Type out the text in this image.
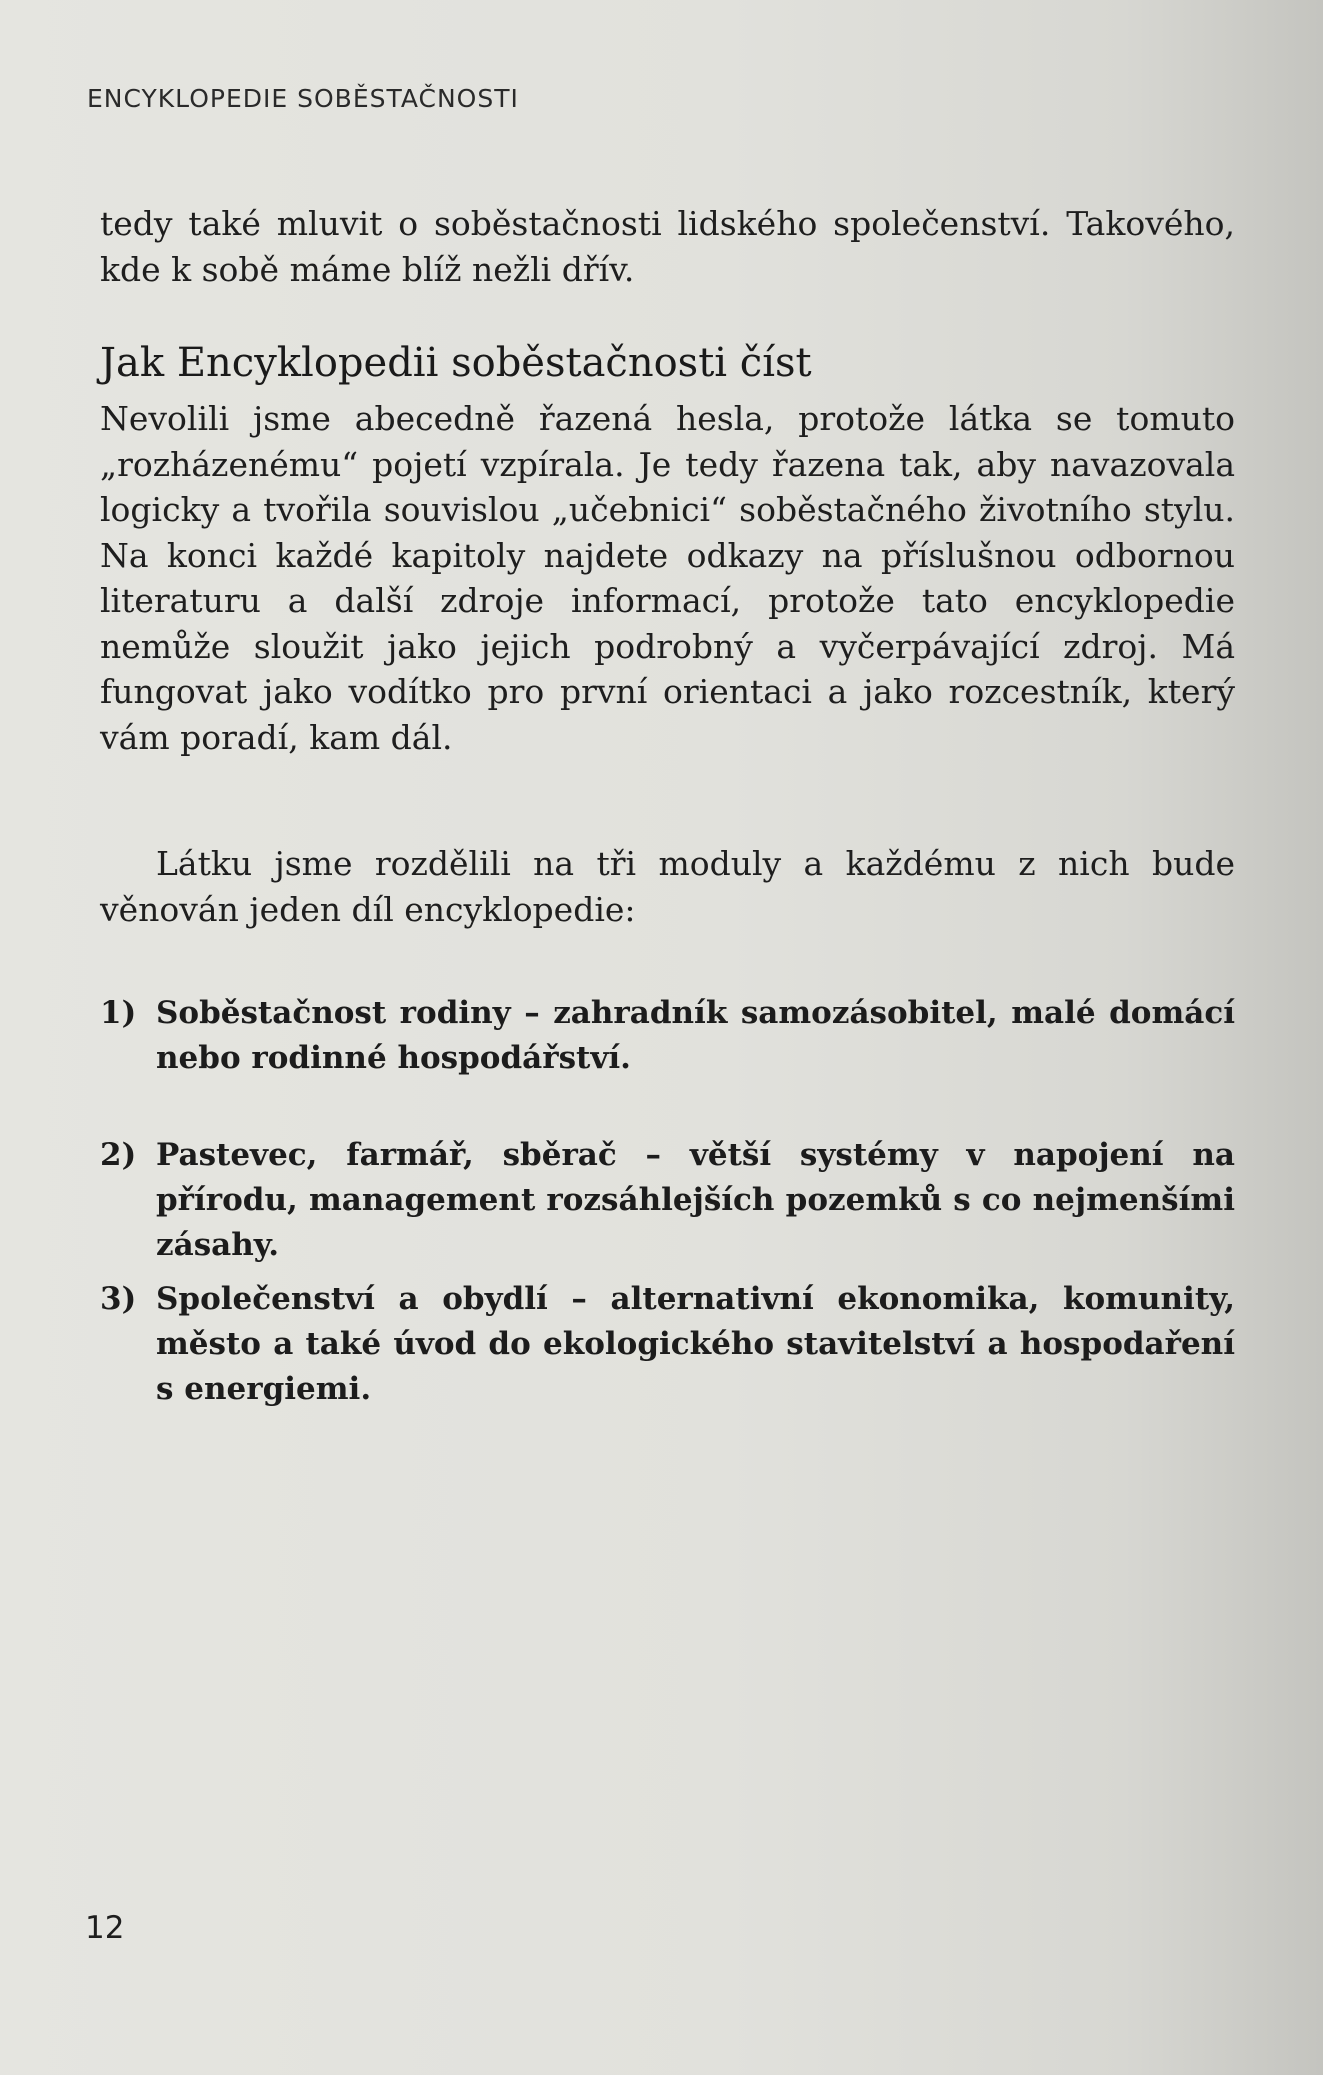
ENCYKLOPEDIE SOBĚSTAČNOSTI

tedy také mluvit o soběstačnosti lidského společenství. Takového, kde k sobě máme blíž nežli dřív.

Jak Encyklopedii soběstačnosti číst

Nevolili jsme abecedně řazená hesla, protože látka se tomuto „rozházenému“ pojetí vzpírala. Je tedy řazena tak, aby navazovala logicky a tvořila souvislou „učebnici“ soběstačného životního stylu. Na konci každé kapitoly najdete odkazy na příslušnou odbornou literaturu a další zdroje informací, protože tato encyklopedie nemůže sloužit jako jejich podrobný a vyčerpávající zdroj. Má fungovat jako vodítko pro první orientaci a jako rozcestník, který vám poradí, kam dál.

Látku jsme rozdělili na tři moduly a každému z nich bude věnován jeden díl encyklopedie:

1) Soběstačnost rodiny – zahradník samozásobitel, malé domácí nebo rodinné hospodářství.
2) Pastevec, farmář, sběrač – větší systémy v napojení na přírodu, management rozsáhlejších pozemků s co nejmenšími zásahy.
3) Společenství a obydlí – alternativní ekonomika, komunity, město a také úvod do ekologického stavitelství a hospodaření s energiemi.
12
